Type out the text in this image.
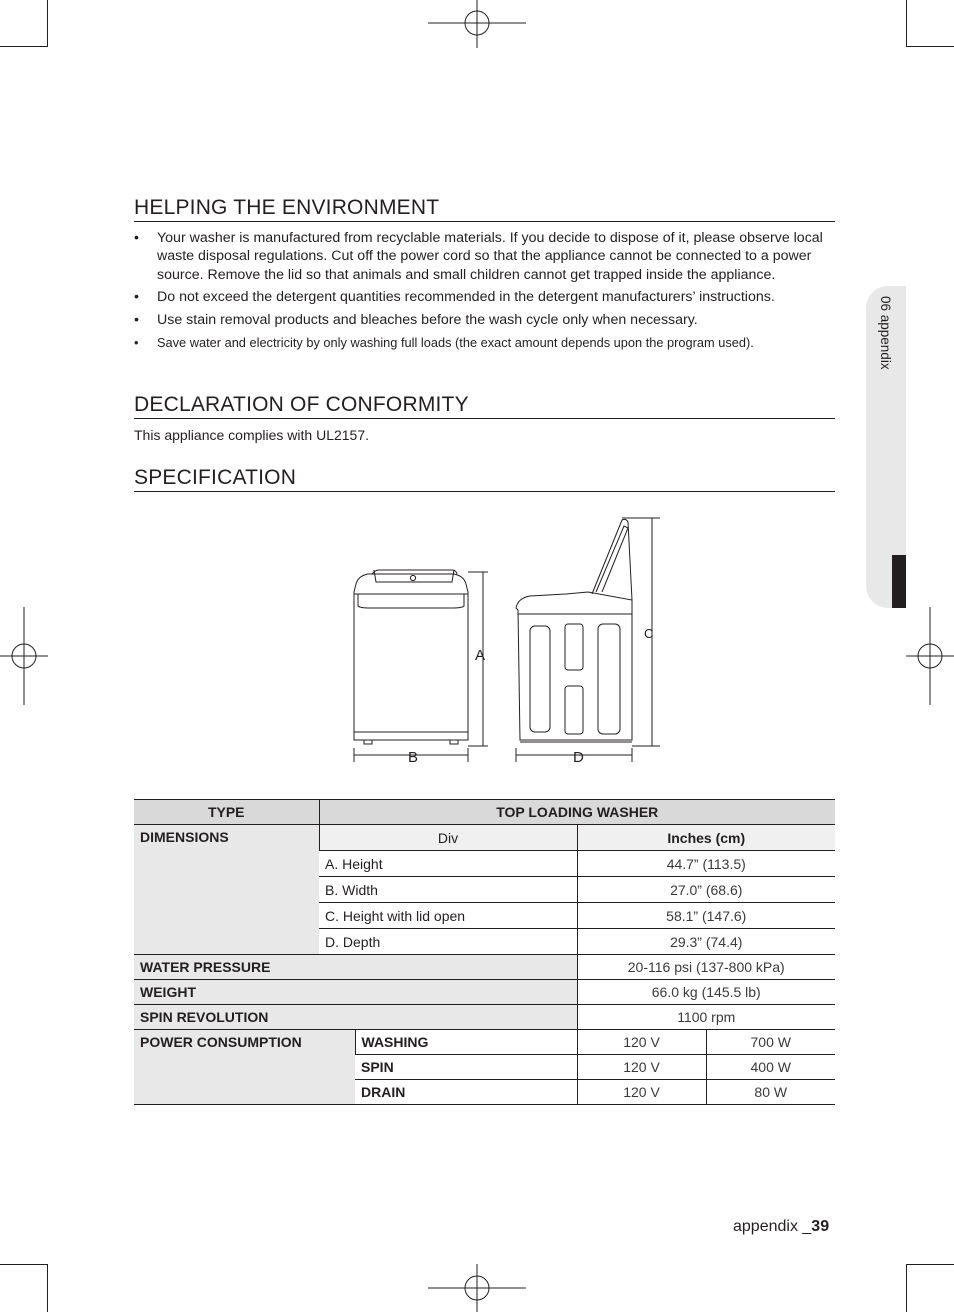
06 appendix
HELPING THE ENVIRONMENT
• Your washer is manufactured from recyclable materials. If you decide to dispose of it, please observe local waste disposal regulations. Cut off the power cord so that the appliance cannot be connected to a power source. Remove the lid so that animals and small children cannot get trapped inside the appliance.
• Do not exceed the detergent quantities recommended in the detergent manufacturers’ instructions.
• Use stain removal products and bleaches before the wash cycle only when necessary.
• Save water and electricity by only washing full loads (the exact amount depends upon the program used).
DECLARATION OF CONFORMITY

This appliance complies with UL2157.

SPECIFICATION
A
B
C
D
TYPE	TOP LOADING WASHER			
DIMENSIONS	Div		Inches (cm)	
	A. Height		44.7” (113.5)	
	B. Width		27.0” (68.6)	
	C. Height with lid open		58.1” (147.6)	
	D. Depth		29.3” (74.4)	
WATER PRESSURE			20-116 psi (137-800 kPa)	
WEIGHT			66.0 kg (145.5 lb)	
SPIN REVOLUTION			1100 rpm	
POWER CONSUMPTION		WASHING	120 V	700 W
		SPIN	120 V	400 W
		DRAIN	120 V	80 W
appendix _39
